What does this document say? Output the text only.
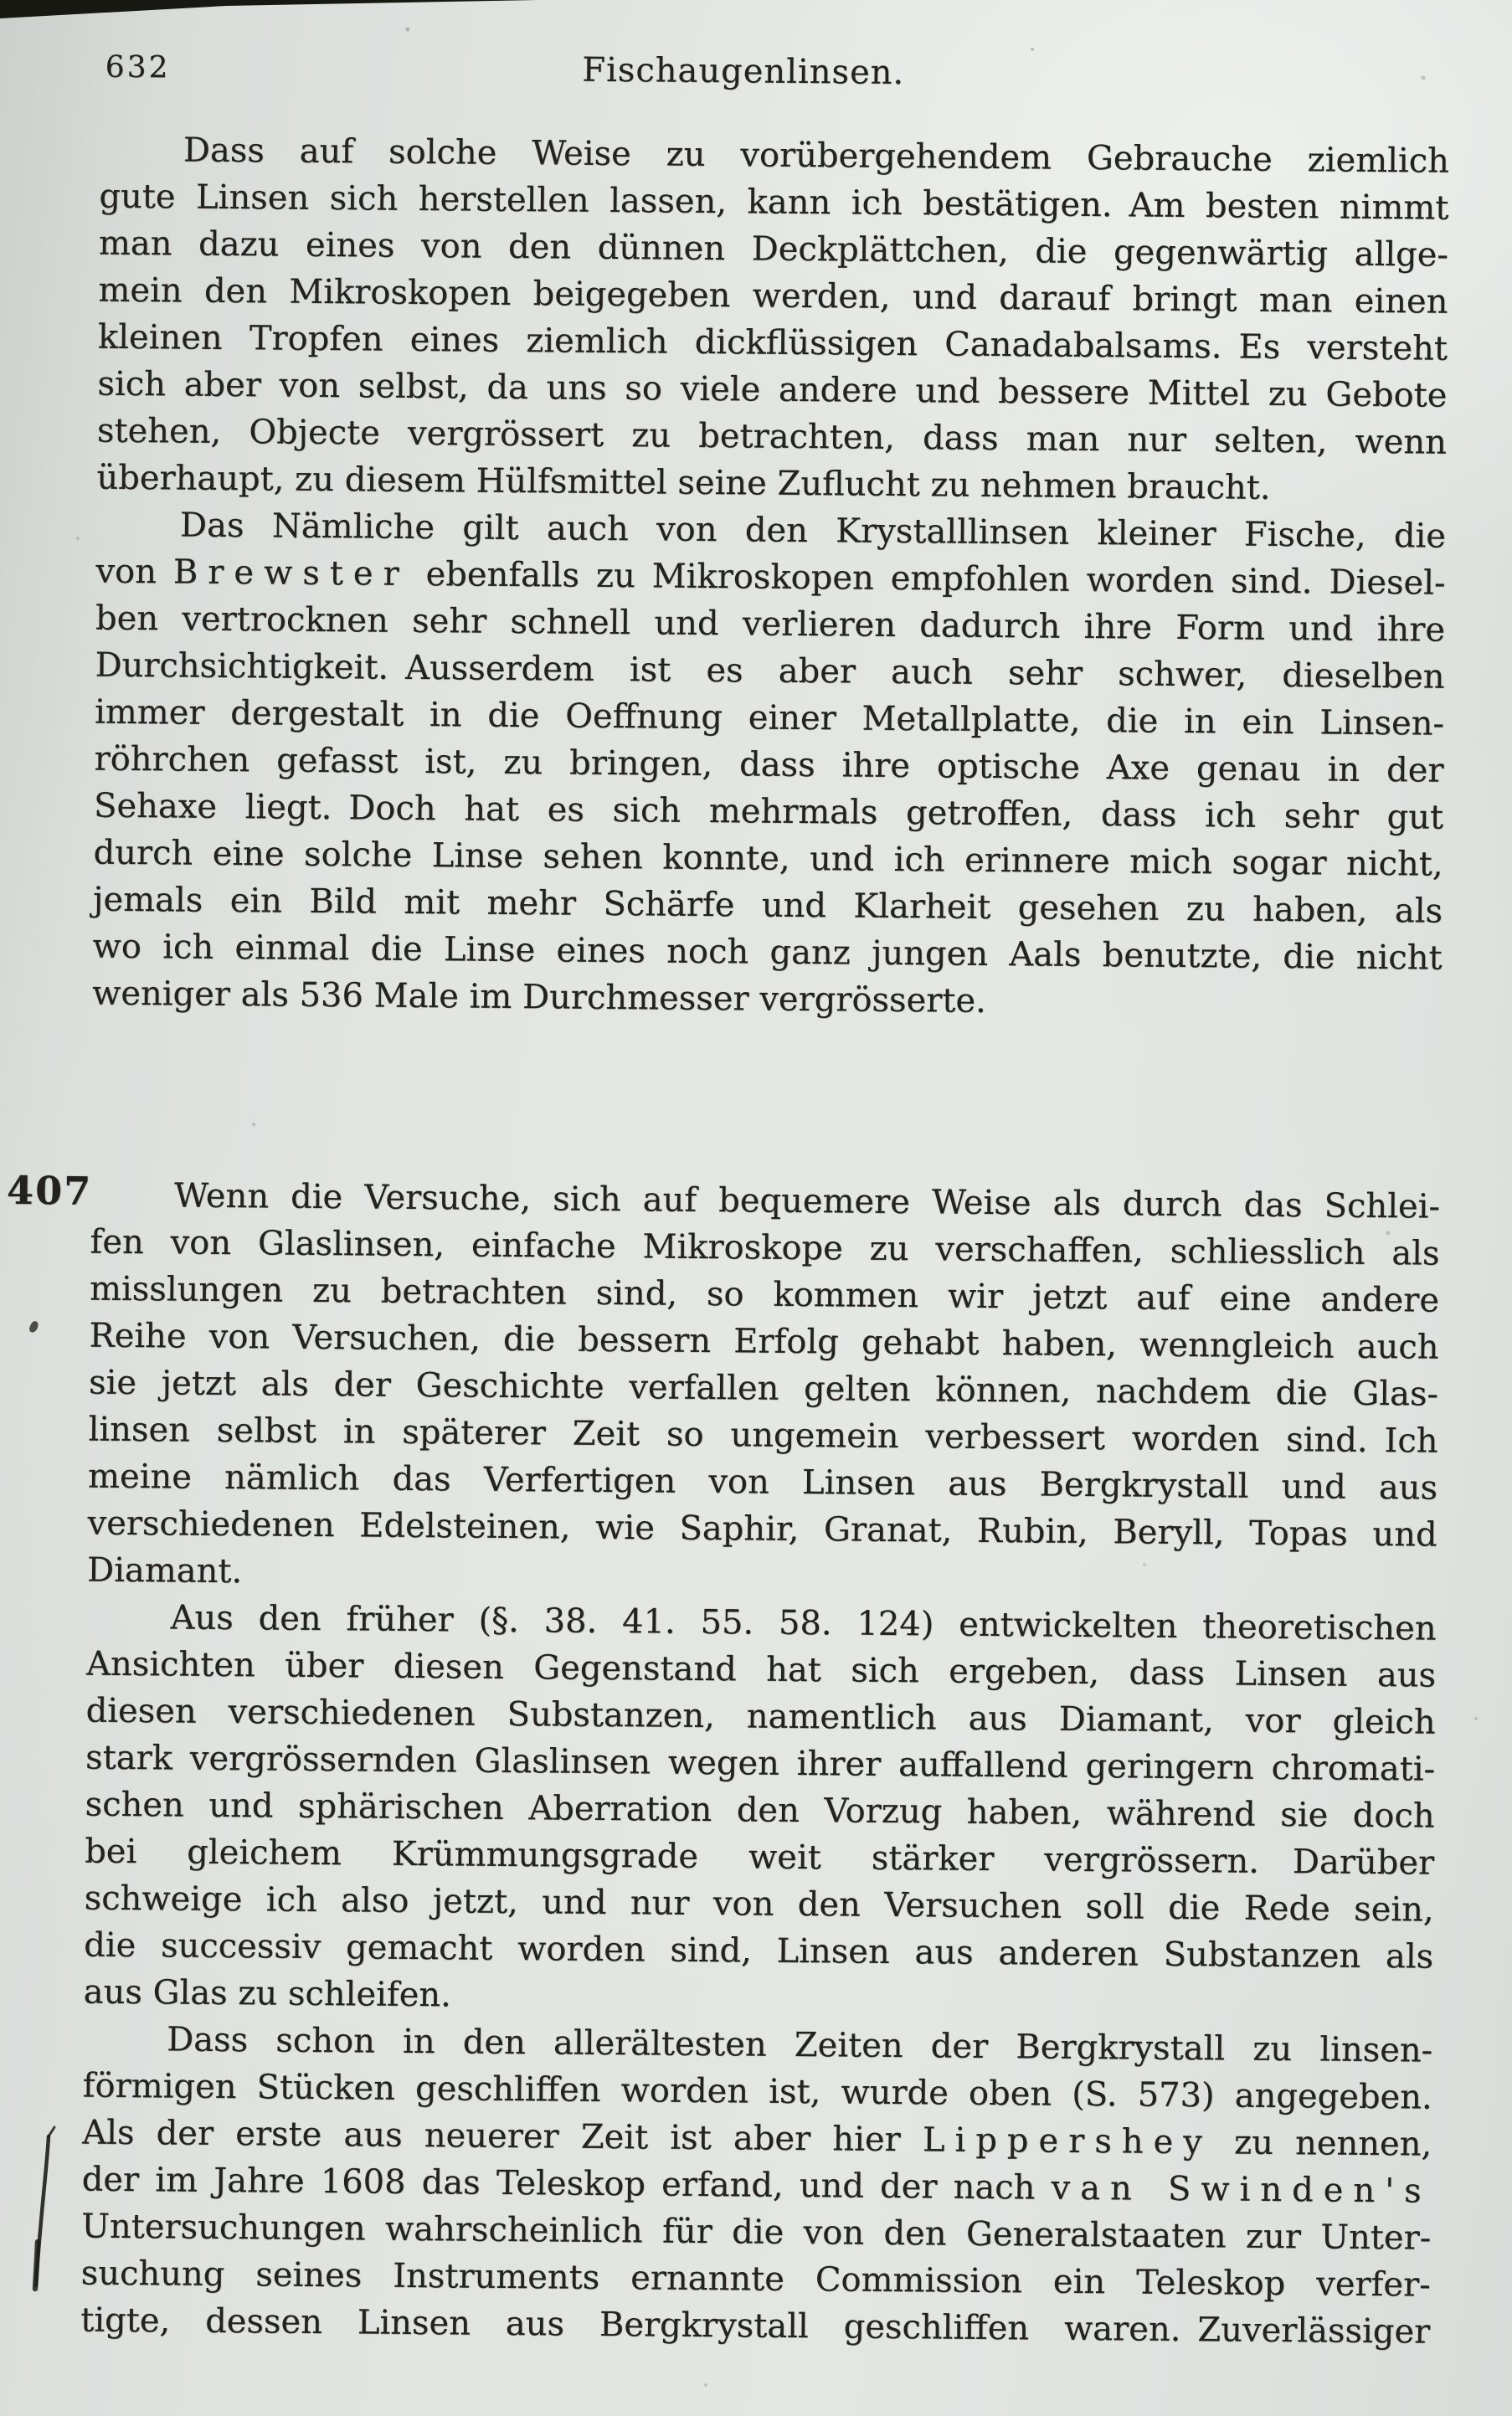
632	Fischaugenlinsen.
407
Dass auf solche Weise zu vorübergehendem Gebrauche ziemlich
gute Linsen sich herstellen lassen, kann ich bestätigen. Am besten nimmt
man dazu eines von den dünnen Deckplättchen, die gegenwärtig allge-
mein den Mikroskopen beigegeben werden, und darauf bringt man einen
kleinen Tropfen eines ziemlich dickflüssigen Canadabalsams. Es versteht
sich aber von selbst, da uns so viele andere und bessere Mittel zu Gebote
stehen, Objecte vergrössert zu betrachten, dass man nur selten, wenn
überhaupt, zu diesem Hülfsmittel seine Zuflucht zu nehmen braucht.
Das Nämliche gilt auch von den Krystalllinsen kleiner Fische, die
von Brewster ebenfalls zu Mikroskopen empfohlen worden sind. Diesel-
ben vertrocknen sehr schnell und verlieren dadurch ihre Form und ihre
Durchsichtigkeit. Ausserdem ist es aber auch sehr schwer, dieselben
immer dergestalt in die Oeffnung einer Metallplatte, die in ein Linsen-
röhrchen gefasst ist, zu bringen, dass ihre optische Axe genau in der
Sehaxe liegt. Doch hat es sich mehrmals getroffen, dass ich sehr gut
durch eine solche Linse sehen konnte, und ich erinnere mich sogar nicht,
jemals ein Bild mit mehr Schärfe und Klarheit gesehen zu haben, als
wo ich einmal die Linse eines noch ganz jungen Aals benutzte, die nicht
weniger als 536 Male im Durchmesser vergrösserte.
Wenn die Versuche, sich auf bequemere Weise als durch das Schlei-
fen von Glaslinsen, einfache Mikroskope zu verschaffen, schliesslich als
misslungen zu betrachten sind, so kommen wir jetzt auf eine andere
Reihe von Versuchen, die bessern Erfolg gehabt haben, wenngleich auch
sie jetzt als der Geschichte verfallen gelten können, nachdem die Glas-
linsen selbst in späterer Zeit so ungemein verbessert worden sind. Ich
meine nämlich das Verfertigen von Linsen aus Bergkrystall und aus
verschiedenen Edelsteinen, wie Saphir, Granat, Rubin, Beryll, Topas und
Diamant.
Aus den früher (§. 38. 41. 55. 58. 124) entwickelten theoretischen
Ansichten über diesen Gegenstand hat sich ergeben, dass Linsen aus
diesen verschiedenen Substanzen, namentlich aus Diamant, vor gleich
stark vergrössernden Glaslinsen wegen ihrer auffallend geringern chromati-
schen und sphärischen Aberration den Vorzug haben, während sie doch
bei gleichem Krümmungsgrade weit stärker vergrössern.  Darüber
schweige ich also jetzt, und nur von den Versuchen soll die Rede sein,
die successiv gemacht worden sind, Linsen aus anderen Substanzen als
aus Glas zu schleifen.
Dass schon in den allerältesten Zeiten der Bergkrystall zu linsen-
förmigen Stücken geschliffen worden ist, wurde oben (S. 573) angegeben.
Als der erste aus neuerer Zeit ist aber hier Lippershey zu nennen,
der im Jahre 1608 das Teleskop erfand, und der nach van Swinden's
Untersuchungen wahrscheinlich für die von den Generalstaaten zur Unter-
suchung seines Instruments ernannte Commission ein Teleskop verfer-
tigte, dessen Linsen aus Bergkrystall geschliffen waren. Zuverlässiger
